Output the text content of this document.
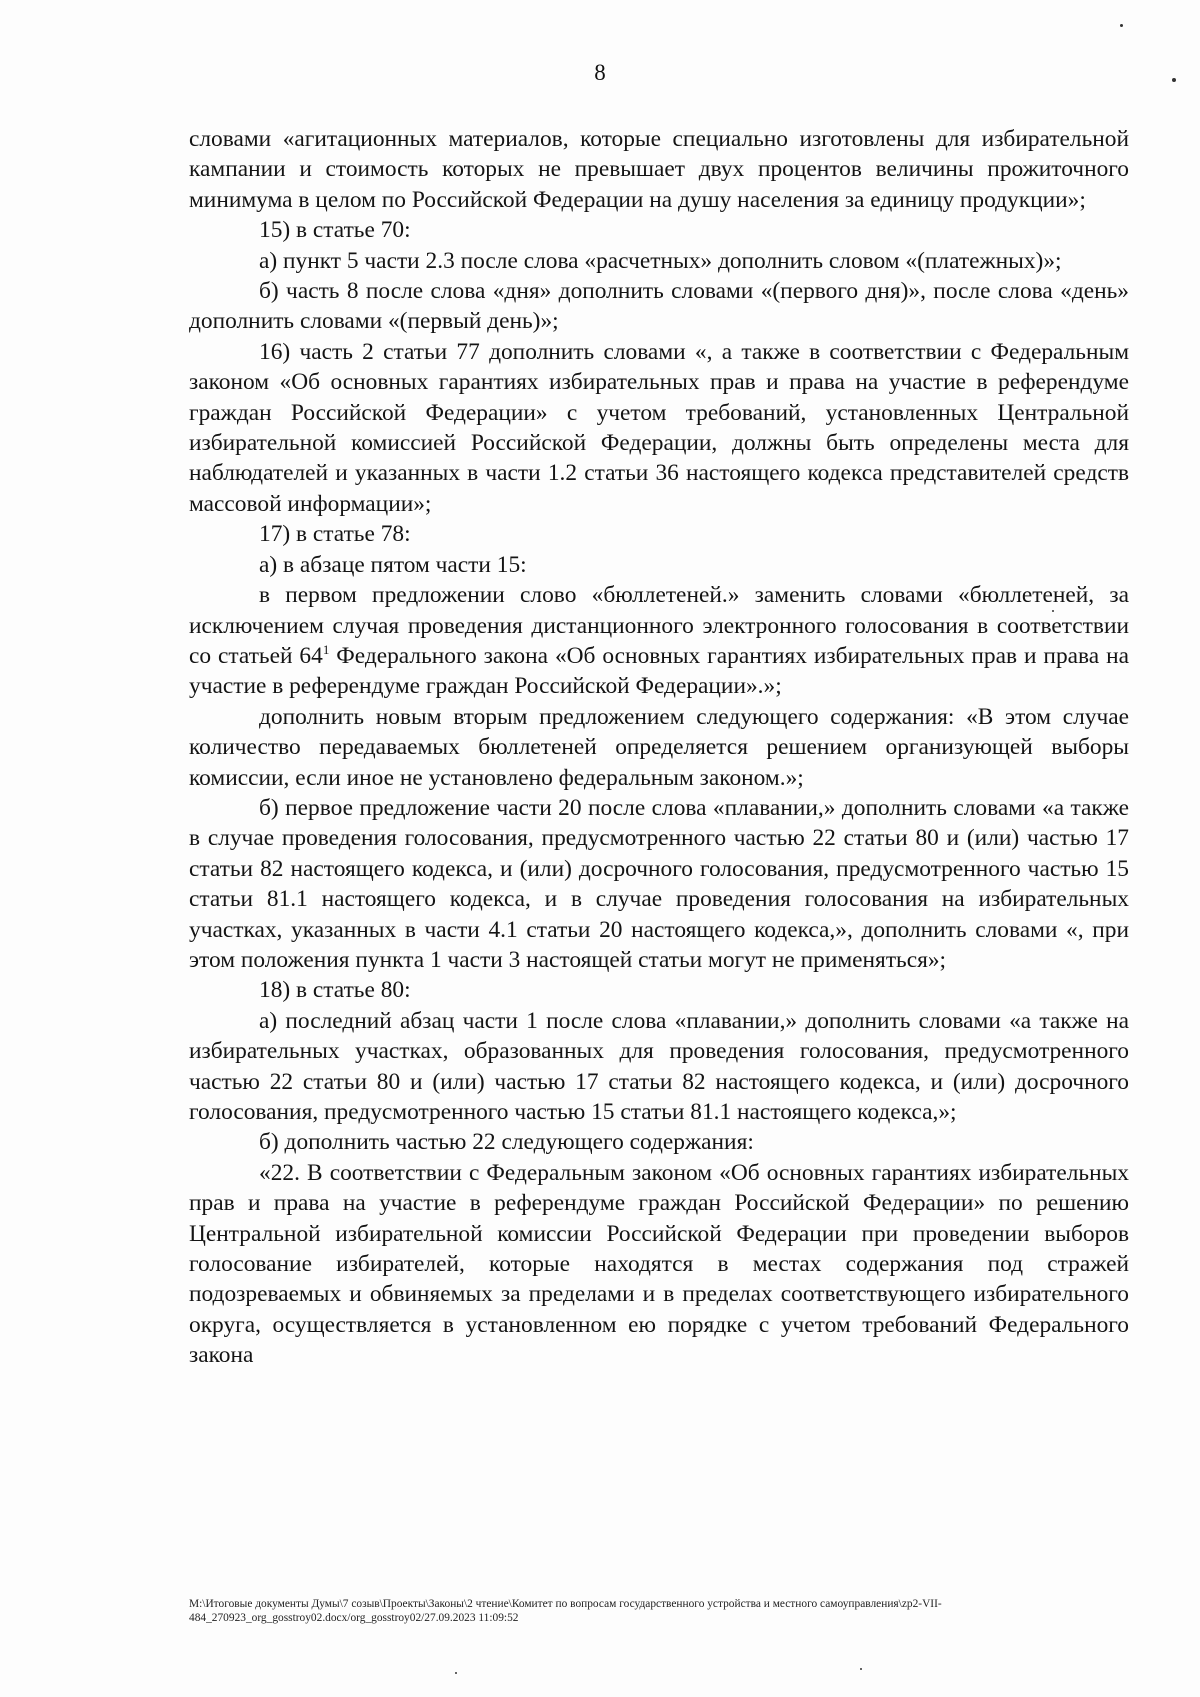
8

словами «агитационных материалов, которые специально изготовлены для избирательной кампании и стоимость которых не превышает двух процентов величины прожиточного минимума в целом по Российской Федерации на душу населения за единицу продукции»;

15) в статье 70:

а) пункт 5 части 2.3 после слова «расчетных» дополнить словом «(платежных)»;

б) часть 8 после слова «дня» дополнить словами «(первого дня)», после слова «день» дополнить словами «(первый день)»;

16) часть 2 статьи 77 дополнить словами «, а также в соответствии с Федеральным законом «Об основных гарантиях избирательных прав и права на участие в референдуме граждан Российской Федерации» с учетом требований, установленных Центральной избирательной комиссией Российской Федерации, должны быть определены места для наблюдателей и указанных в части 1.2 статьи 36 настоящего кодекса представителей средств массовой информации»;

17) в статье 78:

а) в абзаце пятом части 15:

в первом предложении слово «бюллетеней.» заменить словами «бюллетеней, за исключением случая проведения дистанционного электронного голосования в соответствии со статьей $64^1$ Федерального закона «Об основных гарантиях избирательных прав и права на участие в референдуме граждан Российской Федерации».»;

дополнить новым вторым предложением следующего содержания: «В этом случае количество передаваемых бюллетеней определяется решением организующей выборы комиссии, если иное не установлено федеральным законом.»;

б) первое предложение части 20 после слова «плавании,» дополнить словами «а также в случае проведения голосования, предусмотренного частью 22 статьи 80 и (или) частью 17 статьи 82 настоящего кодекса, и (или) досрочного голосования, предусмотренного частью 15 статьи 81.1 настоящего кодекса, и в случае проведения голосования на избирательных участках, указанных в части 4.1 статьи 20 настоящего кодекса,», дополнить словами «, при этом положения пункта 1 части 3 настоящей статьи могут не применяться»;

18) в статье 80:

а) последний абзац части 1 после слова «плавании,» дополнить словами «а также на избирательных участках, образованных для проведения голосования, предусмотренного частью 22 статьи 80 и (или) частью 17 статьи 82 настоящего кодекса, и (или) досрочного голосования, предусмотренного частью 15 статьи 81.1 настоящего кодекса,»;

б) дополнить частью 22 следующего содержания:

«22. В соответствии с Федеральным законом «Об основных гарантиях избирательных прав и права на участие в референдуме граждан Российской Федерации» по решению Центральной избирательной комиссии Российской Федерации при проведении выборов голосование избирателей, которые находятся в местах содержания под стражей подозреваемых и обвиняемых за пределами и в пределах соответствующего избирательного округа, осуществляется в установленном ею порядке с учетом требований Федерального закона

M:\Итоговые документы Думы\7 созыв\Проекты\Законы\2 чтение\Комитет по вопросам государственного устройства и местного самоуправления\zp2-VII-
484_270923_org_gosstroy02.docx/org_gosstroy02/27.09.2023 11:09:52
